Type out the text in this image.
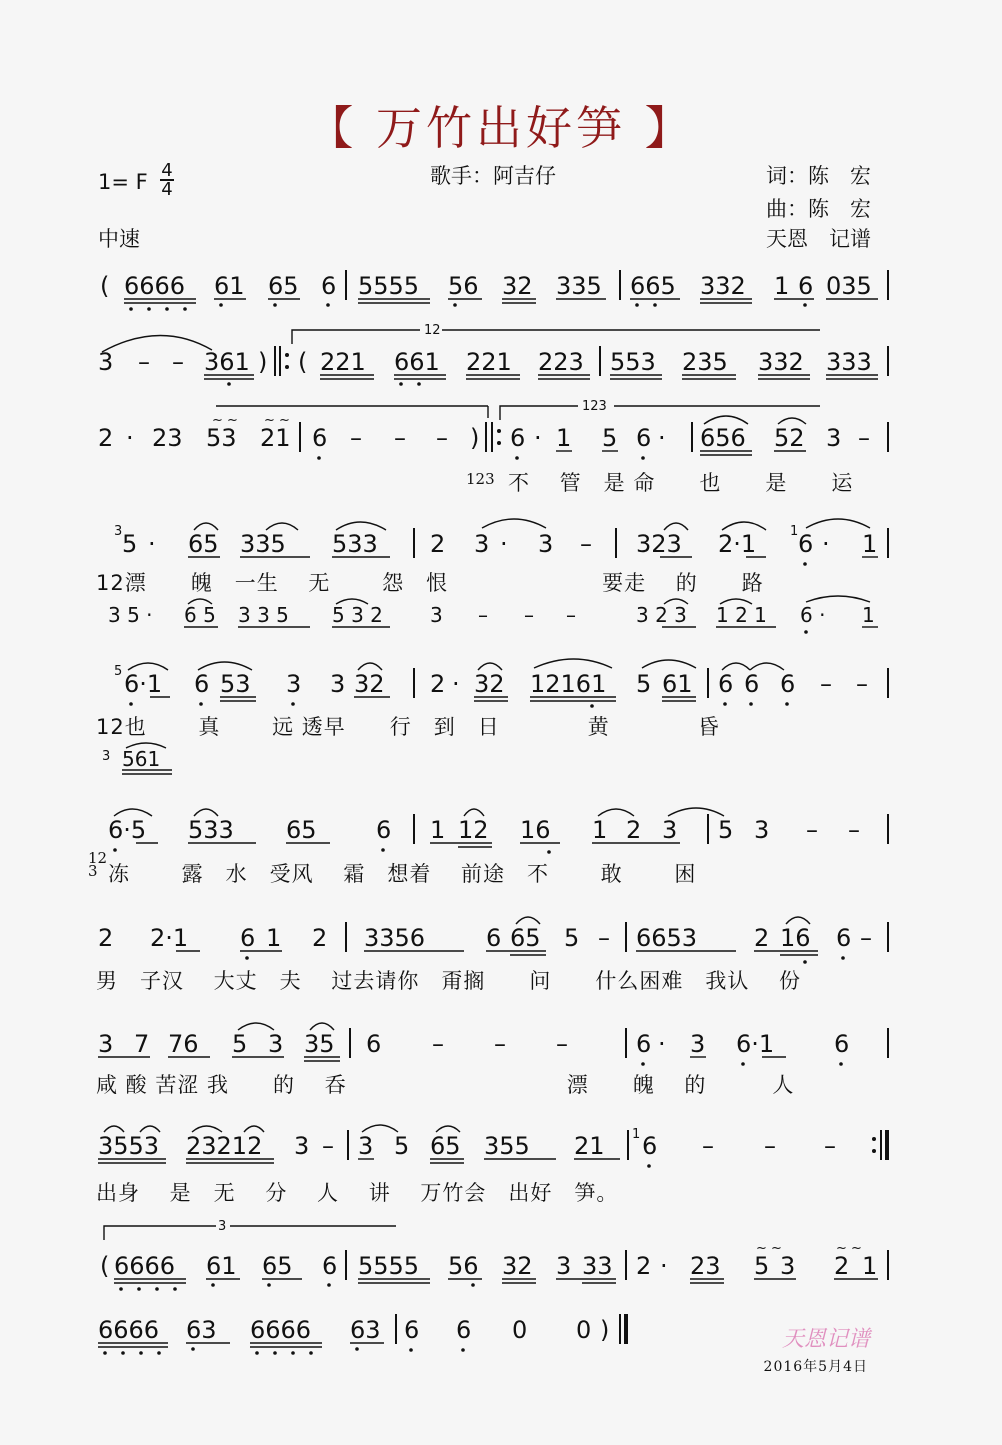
【 万竹出好笋 】
1= F 4
4
中速
歌手：阿吉仔	词：陈　宏
曲：陈　宏
天恩　记谱
( 6666 61 65 6 5555 56 32 335 665 332 1 6 035
3 – – 361 )
12
( 221 661 221 223 553 235 332 333
123
2 · 23 53 21
~ ~ ~ ~
6 – – – ) 6 · 1 5 6 · 656 52 3 –
3 5 · 65 335 533 2 3 · 3 – 323 2·1	1 6 · 1
3 5 · 6 5 3 3 5 5 3 2 3 – – –	3 2 3 1 2 1 6 · 1
5 6·1 6 53 3 3 32 2 · 32 12161 5 61 6 6 6 – –
3 561
6·5 533 65 6 1 12 16 1 2 3 5 3 – –
2 2·1 6 1 2 3356	6 65 5 – 6653 2 16 6 –
3 7 76 5 3 35 6 – – –	6 · 3 6·1 6
3553 23212 3 – 3 5 65 355 21 1 6 – – –
3
( 6666 61 65 6 5555 56 32 3 33 2 · 23
~ ~
5 3
~ ~
2 1
6666 63 6666 63 6 6 0 0 )
123 不　 管　是 命　　也　　是　　运
12漂　　魄　一生　 无　　 怨　恨　　　　　　　要走　 的　　路
12也　　 真　　 远 透早　　行　到　日　　　　黄　　　　昏
12
3 冻　　 露　水　受风　 霜　想着　 前途　不　　 敢　　 困
男　子汉　 大丈　夫　 过去请你　甭搁　　问　　什么困难　我认　 份
咸 酸 苦涩 我　　的　 呑　　　　　　　　　　漂　　魄　 的　　　人
出身　 是　无　 分　 人　 讲　 万竹会　出好　笋。
天恩记谱
2016年5月4日
